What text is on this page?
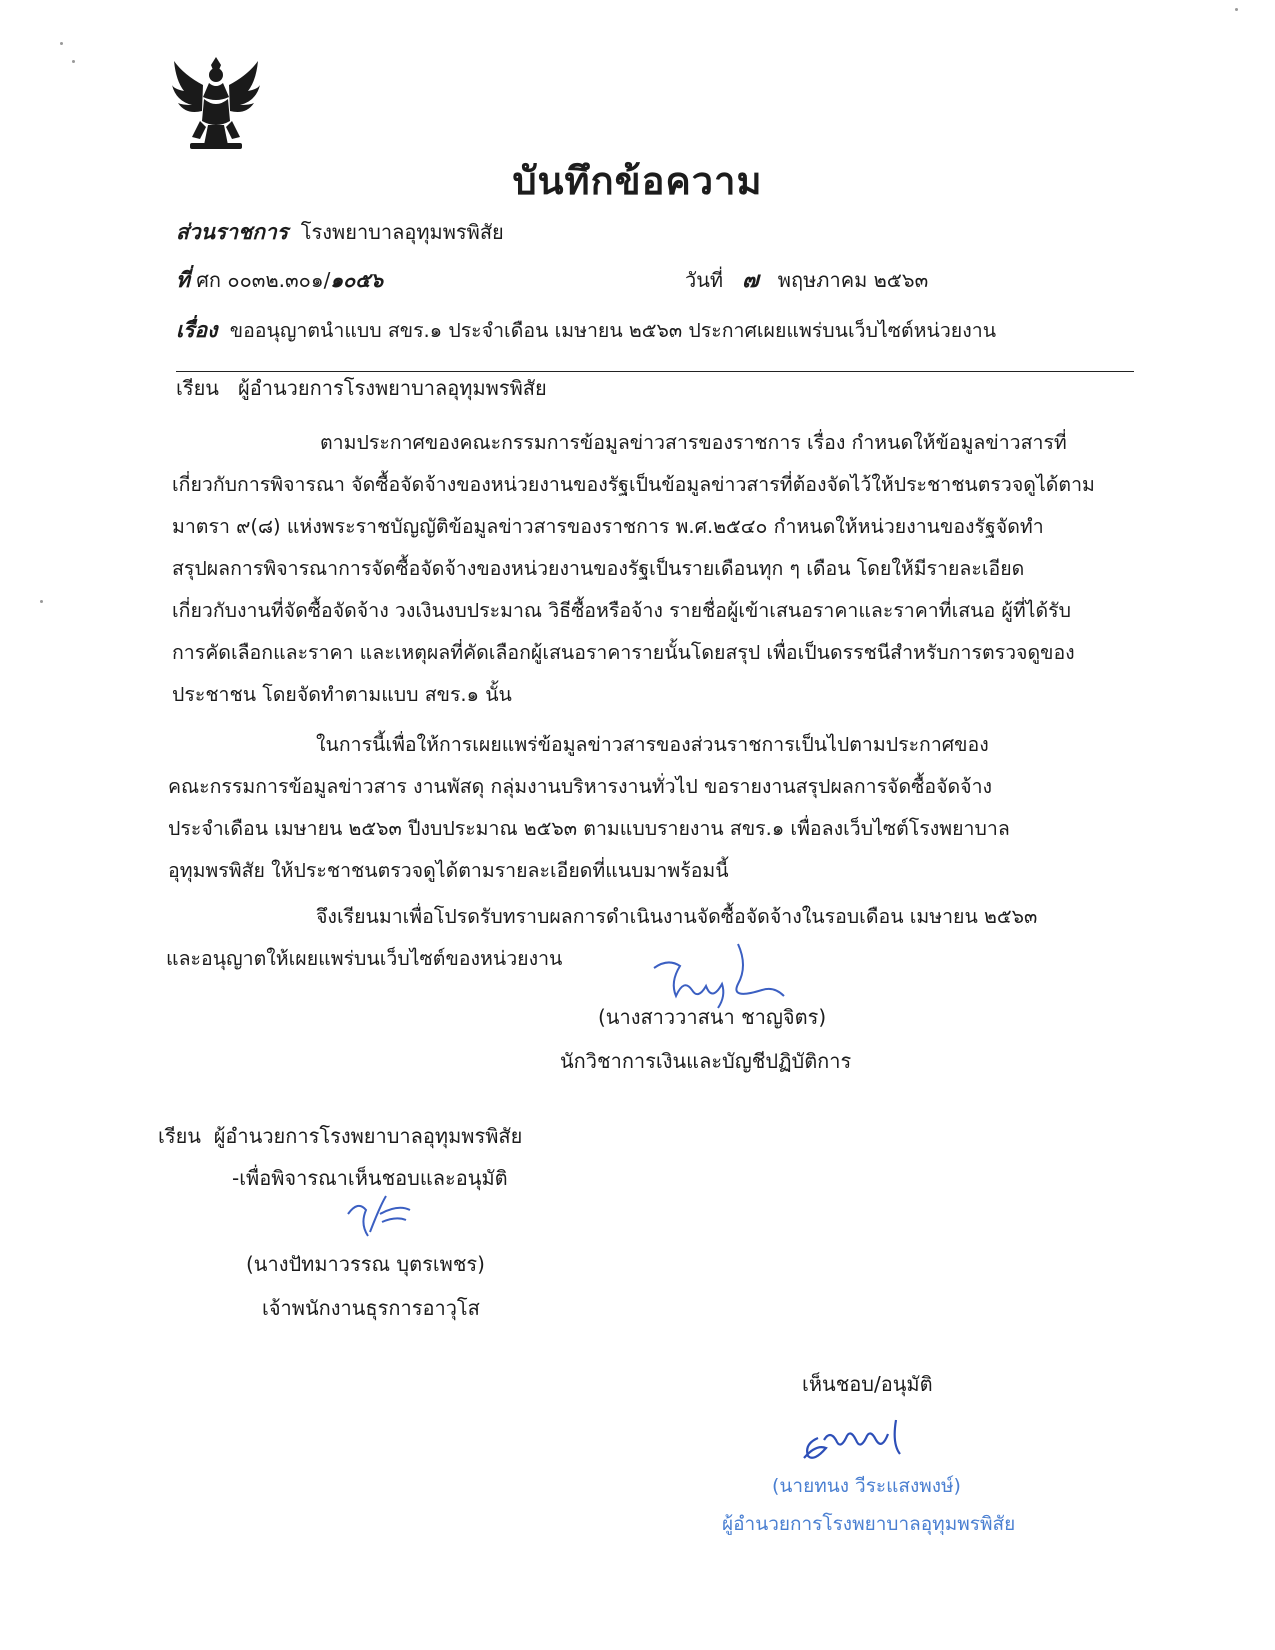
บันทึกข้อความ
ส่วนราชการ โรงพยาบาลอุทุมพรพิสัย
ที่ ศก ๐๐๓๒.๓๐๑/๑๐๕๖	วันที่ ๗ พฤษภาคม ๒๕๖๓
เรื่อง ขออนุญาตนำแบบ สขร.๑ ประจำเดือน เมษายน ๒๕๖๓ ประกาศเผยแพร่บนเว็บไซต์หน่วยงาน
เรียน ผู้อำนวยการโรงพยาบาลอุทุมพรพิสัย
ตามประกาศของคณะกรรมการข้อมูลข่าวสารของราชการ เรื่อง กำหนดให้ข้อมูลข่าวสารที่
เกี่ยวกับการพิจารณา จัดซื้อจัดจ้างของหน่วยงานของรัฐเป็นข้อมูลข่าวสารที่ต้องจัดไว้ให้ประชาชนตรวจดูได้ตาม
มาตรา ๙(๘) แห่งพระราชบัญญัติข้อมูลข่าวสารของราชการ พ.ศ.๒๕๔๐ กำหนดให้หน่วยงานของรัฐจัดทำ
สรุปผลการพิจารณาการจัดซื้อจัดจ้างของหน่วยงานของรัฐเป็นรายเดือนทุก ๆ เดือน โดยให้มีรายละเอียด
เกี่ยวกับงานที่จัดซื้อจัดจ้าง วงเงินงบประมาณ วิธีซื้อหรือจ้าง รายชื่อผู้เข้าเสนอราคาและราคาที่เสนอ ผู้ที่ได้รับ
การคัดเลือกและราคา และเหตุผลที่คัดเลือกผู้เสนอราคารายนั้นโดยสรุป เพื่อเป็นดรรชนีสำหรับการตรวจดูของ
ประชาชน โดยจัดทำตามแบบ สขร.๑ นั้น
ในการนี้เพื่อให้การเผยแพร่ข้อมูลข่าวสารของส่วนราชการเป็นไปตามประกาศของ
คณะกรรมการข้อมูลข่าวสาร งานพัสดุ กลุ่มงานบริหารงานทั่วไป ขอรายงานสรุปผลการจัดซื้อจัดจ้าง
ประจำเดือน เมษายน ๒๕๖๓ ปีงบประมาณ ๒๕๖๓ ตามแบบรายงาน สขร.๑ เพื่อลงเว็บไซต์โรงพยาบาล
อุทุมพรพิสัย ให้ประชาชนตรวจดูได้ตามรายละเอียดที่แนบมาพร้อมนี้
จึงเรียนมาเพื่อโปรดรับทราบผลการดำเนินงานจัดซื้อจัดจ้างในรอบเดือน เมษายน ๒๕๖๓
และอนุญาตให้เผยแพร่บนเว็บไซต์ของหน่วยงาน
(นางสาววาสนา ชาญจิตร)
นักวิชาการเงินและบัญชีปฏิบัติการ
เรียน ผู้อำนวยการโรงพยาบาลอุทุมพรพิสัย
-เพื่อพิจารณาเห็นชอบและอนุมัติ
(นางปัทมาวรรณ บุตรเพชร)
เจ้าพนักงานธุรการอาวุโส
เห็นชอบ/อนุมัติ
(นายทนง วีระแสงพงษ์)
ผู้อำนวยการโรงพยาบาลอุทุมพรพิสัย
